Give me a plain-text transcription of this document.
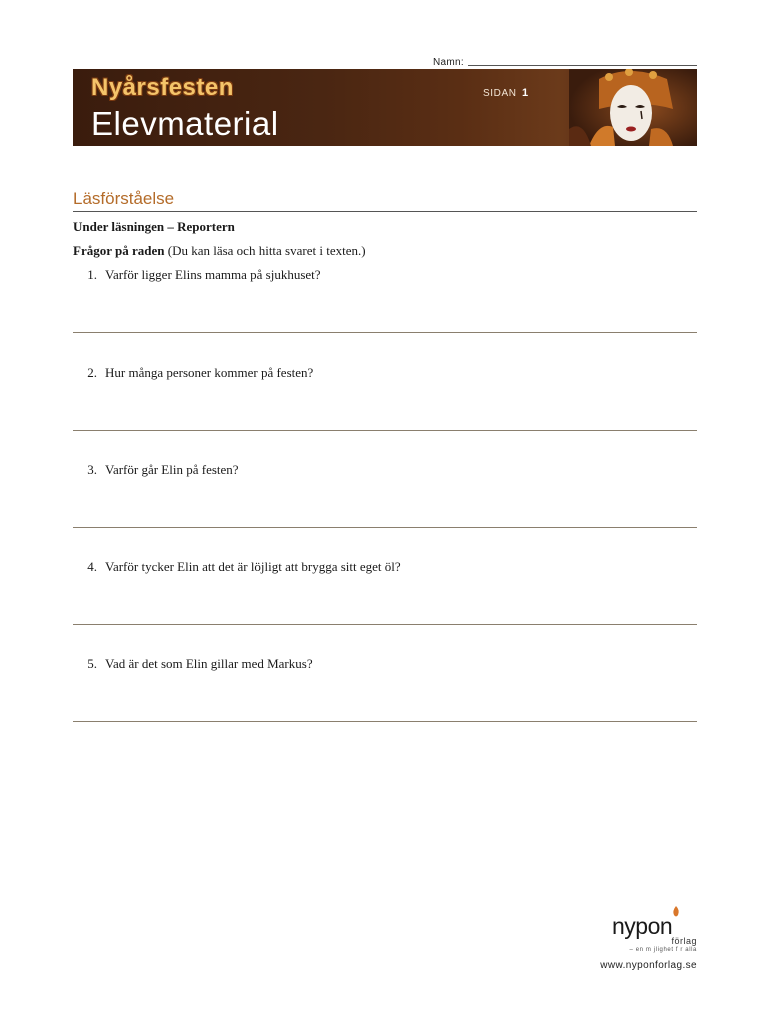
Namn:
Nyårsfesten
Elevmaterial
SIDAN 1
Läsförståelse
Under läsningen – Reportern
Frågor på raden (Du kan läsa och hitta svaret i texten.)
1. Varför ligger Elins mamma på sjukhuset?
2. Hur många personer kommer på festen?
3. Varför går Elin på festen?
4. Varför tycker Elin att det är löjligt att brygga sitt eget öl?
5. Vad är det som Elin gillar med Markus?
nypon
förlag
– en m jlighet f r alla
www.nyponforlag.se
